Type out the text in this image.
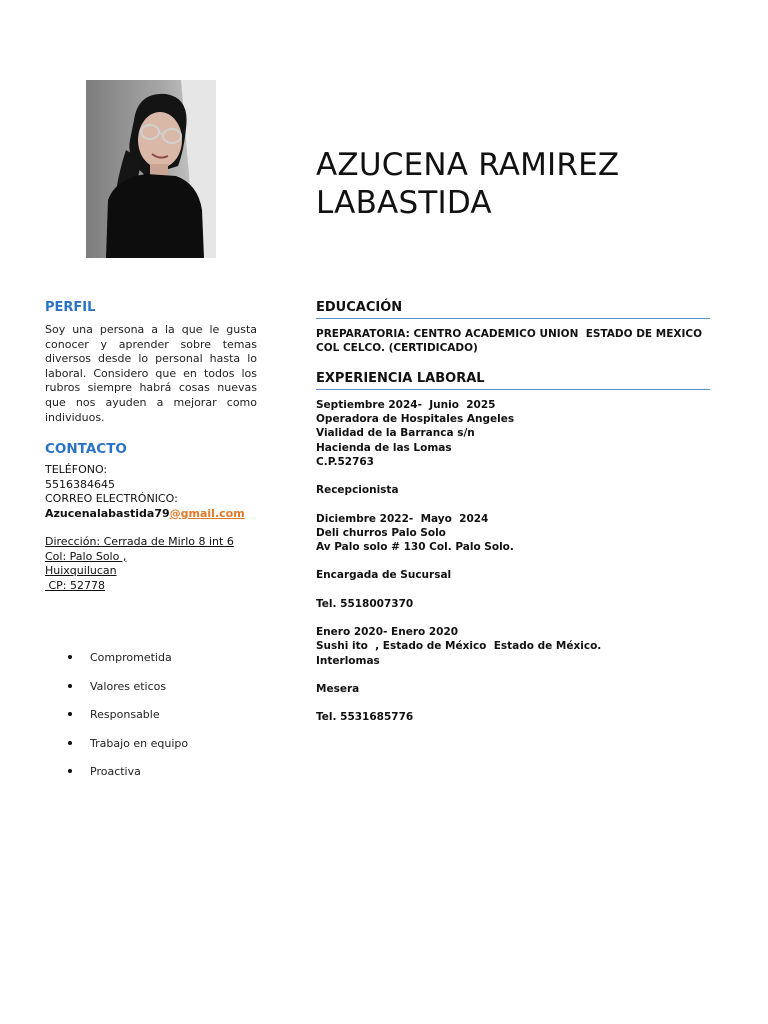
AZUCENA RAMIREZ
LABASTIDA
PERFIL
Soy una persona a la que le gusta conocer y aprender sobre temas diversos desde lo personal hasta lo laboral. Considero que en todos los rubros siempre habrá cosas nuevas que nos ayuden a mejorar como individuos.
CONTACTO
TELÉFONO:
5516384645
CORREO ELECTRÓNICO:
Azucenalabastida79@gmail.com
Dirección: Cerrada de Mirlo 8 int 6
Col: Palo Solo ,
Huixquilucan
CP: 52778
Comprometida
Valores eticos
Responsable
Trabajo en equipo
Proactiva
EDUCACIÓN
PREPARATORIA: CENTRO ACADEMICO UNION  ESTADO DE MEXICO
COL CELCO. (CERTIDICADO)
EXPERIENCIA LABORAL
Septiembre 2024-  Junio  2025
Operadora de Hospitales Angeles
Vialidad de la Barranca s/n
Hacienda de las Lomas
C.P.52763
Recepcionista
Diciembre 2022-  Mayo  2024
Deli churros Palo Solo
Av Palo solo # 130 Col. Palo Solo.
Encargada de Sucursal
Tel. 5518007370
Enero 2020- Enero 2020
Sushi ito  , Estado de México  Estado de México.
Interlomas
Mesera
Tel. 5531685776
